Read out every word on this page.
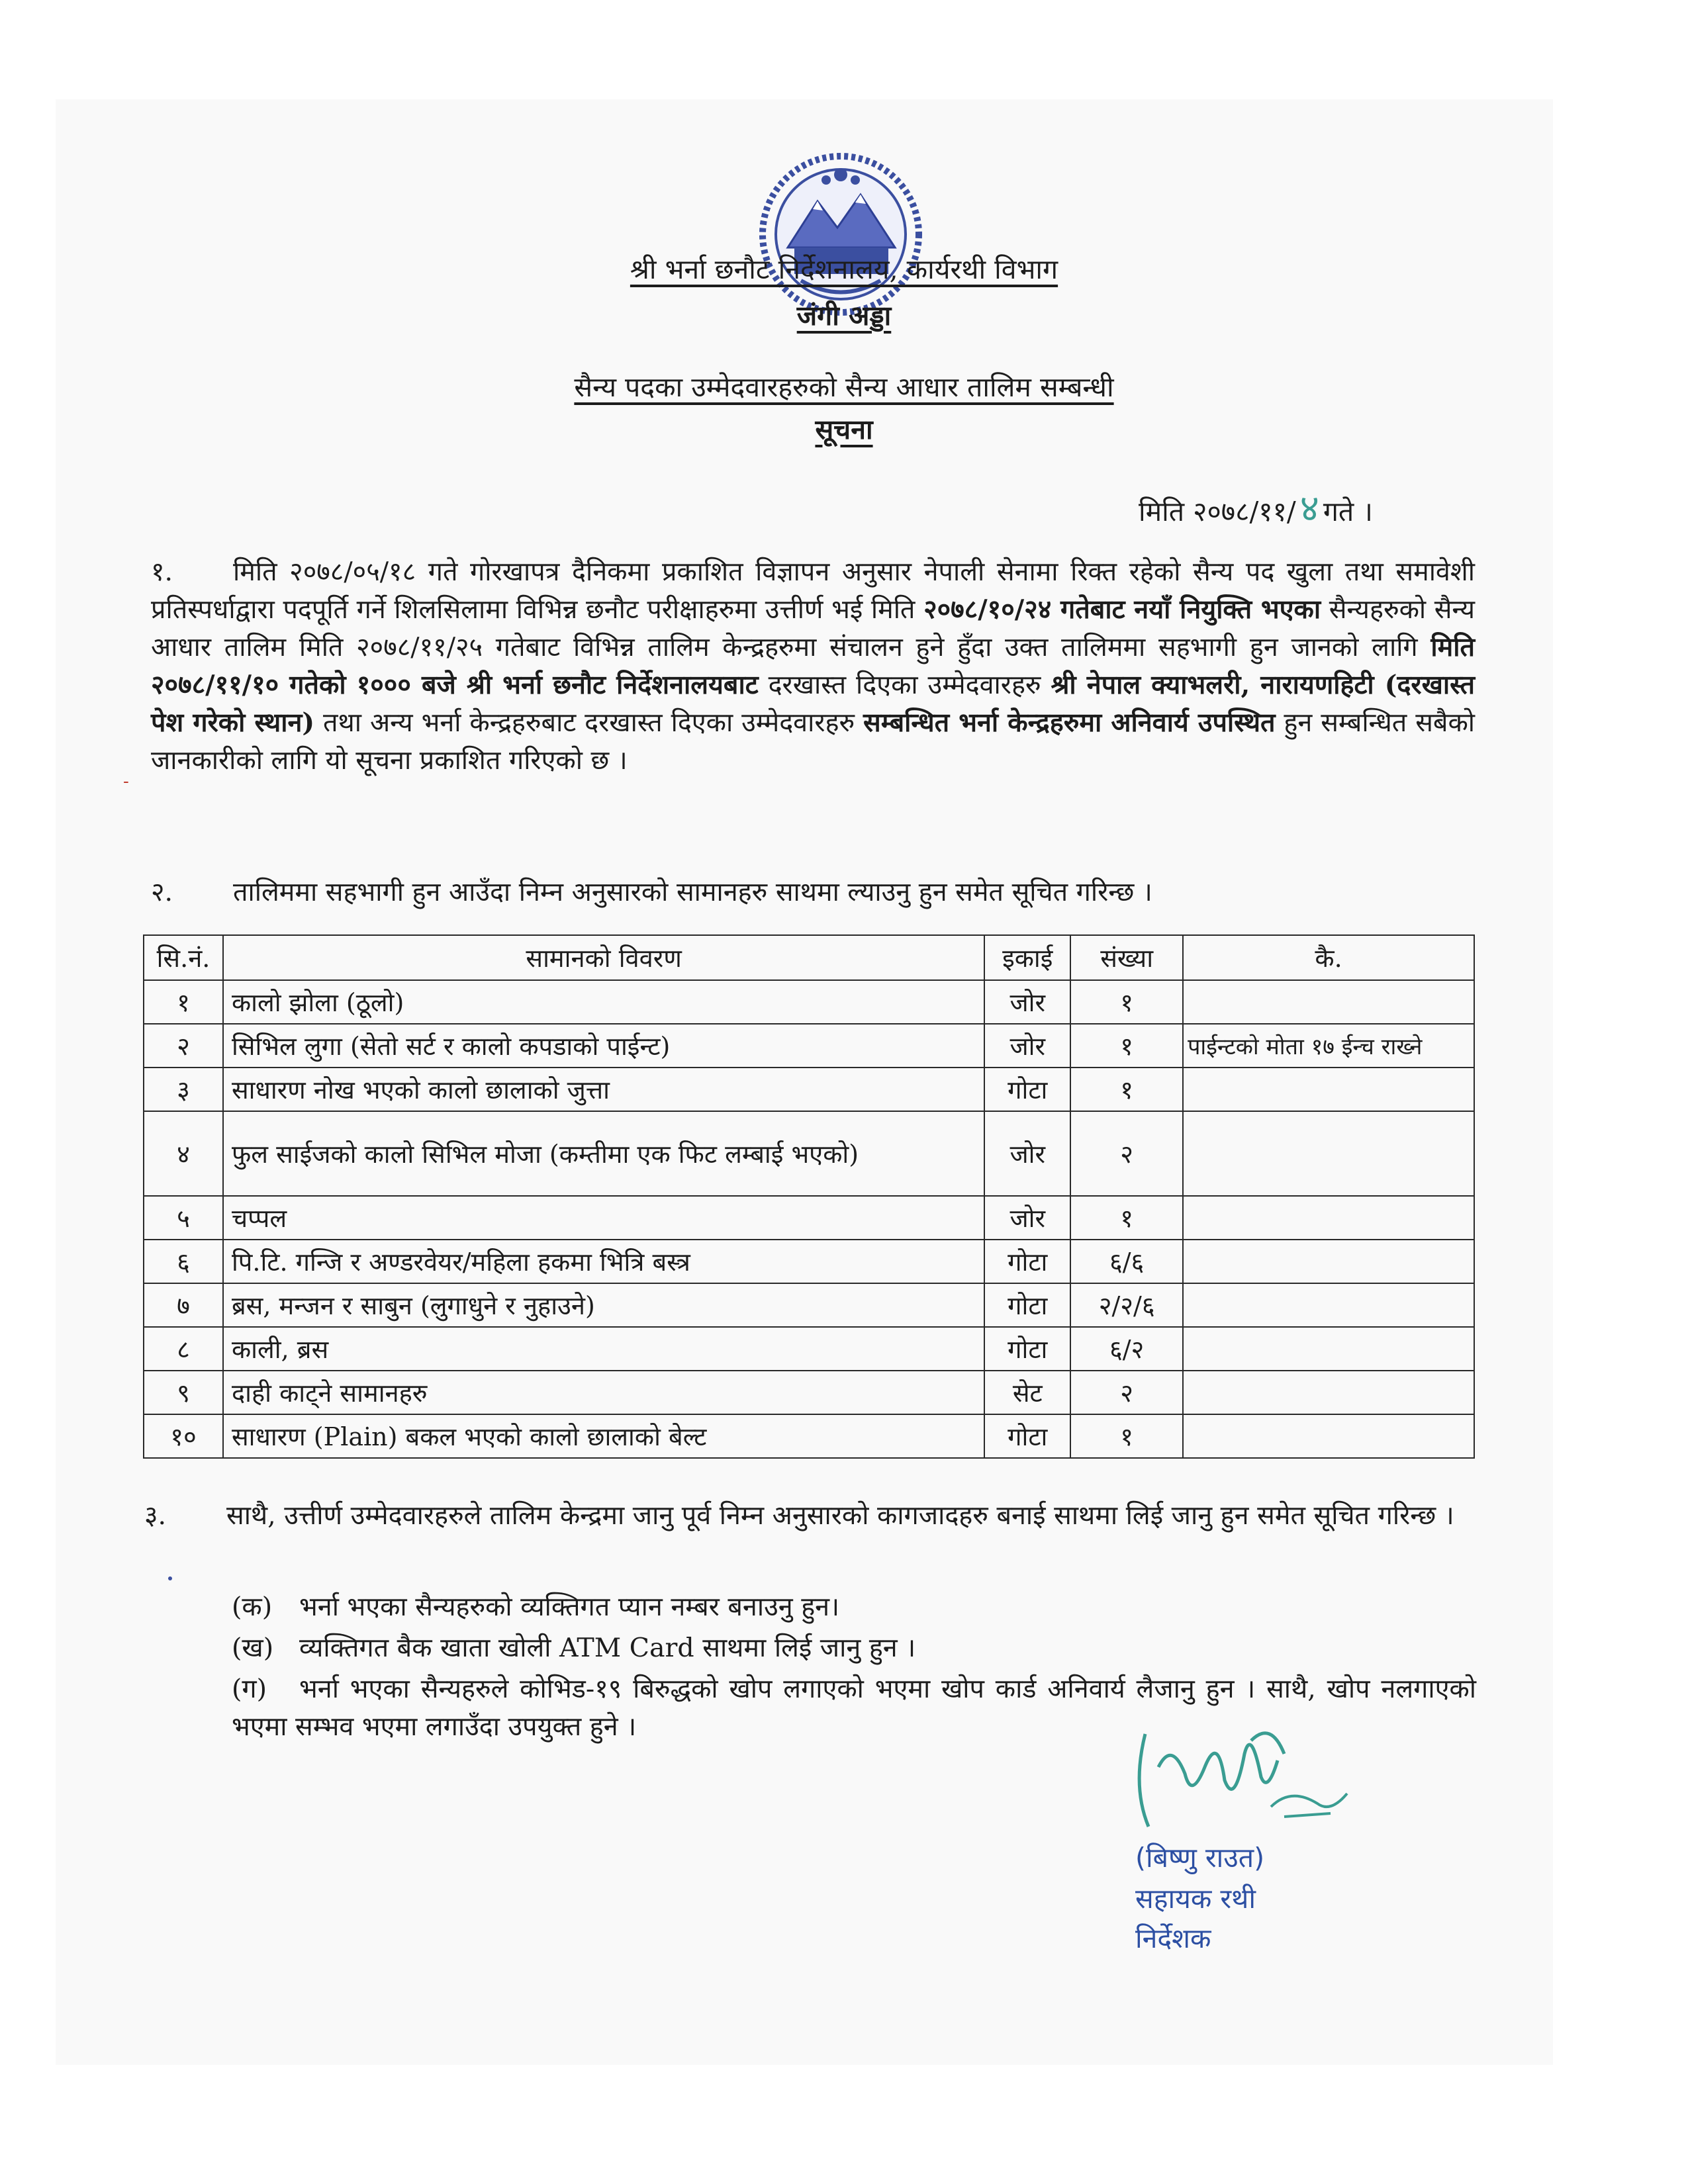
श्री भर्ना छनौट निर्देशनालय, कार्यरथी विभाग
जंगी अड्डा
सैन्य पदका उम्मेदवारहरुको सैन्य आधार तालिम सम्बन्धी
सूचना
मिति २०७८/११/ ४ गते ।
१. मिति २०७८/०५/१८ गते गोरखापत्र दैनिकमा प्रकाशित विज्ञापन अनुसार नेपाली सेनामा रिक्त रहेको सैन्य पद खुला तथा समावेशी प्रतिस्पर्धाद्वारा पदपूर्ति गर्ने शिलसिलामा विभिन्न छनौट परीक्षाहरुमा उत्तीर्ण भई मिति २०७८/१०/२४ गतेबाट नयाँ नियुक्ति भएका सैन्यहरुको सैन्य आधार तालिम मिति २०७८/११/२५ गतेबाट विभिन्न तालिम केन्द्रहरुमा संचालन हुने हुँदा उक्त तालिममा सहभागी हुन जानको लागि मिति २०७८/११/१० गतेको १००० बजे श्री भर्ना छनौट निर्देशनालयबाट दरखास्त दिएका उम्मेदवारहरु श्री नेपाल क्याभलरी, नारायणहिटी (दरखास्त पेश गरेको स्थान) तथा अन्य भर्ना केन्द्रहरुबाट दरखास्त दिएका उम्मेदवारहरु सम्बन्धित भर्ना केन्द्रहरुमा अनिवार्य उपस्थित हुन सम्बन्धित सबैको जानकारीको लागि यो सूचना प्रकाशित गरिएको छ ।
-
२. तालिममा सहभागी हुन आउँदा निम्न अनुसारको सामानहरु साथमा ल्याउनु हुन समेत सूचित गरिन्छ ।
सि.नं.	सामानको विवरण	इकाई	संख्या	कै.
१	कालो झोला (ठूलो)	जोर	१	
२	सिभिल लुगा (सेतो सर्ट र कालो कपडाको पाईन्ट)	जोर	१	पाईन्टको मोता १७ ईन्च राख्ने
३	साधारण नोख भएको कालो छालाको जुत्ता	गोटा	१	
४	फुल साईजको कालो सिभिल मोजा (कम्तीमा एक फिट लम्बाई भएको)	जोर	२	
५	चप्पल	जोर	१	
६	पि.टि. गन्जि र अण्डरवेयर/महिला हकमा भित्रि बस्त्र	गोटा	६/६	
७	ब्रस, मन्जन र साबुन (लुगाधुने र नुहाउने)	गोटा	२/२/६	
८	काली, ब्रस	गोटा	६/२	
९	दाही काट्ने सामानहरु	सेट	२	
१०	साधारण (Plain) बकल भएको कालो छालाको बेल्ट	गोटा	१	
३. साथै, उत्तीर्ण उम्मेदवारहरुले तालिम केन्द्रमा जानु पूर्व निम्न अनुसारको कागजादहरु बनाई साथमा लिई जानु हुन समेत सूचित गरिन्छ ।
(क) भर्ना भएका सैन्यहरुको व्यक्तिगत प्यान नम्बर बनाउनु हुन।
(ख) व्यक्तिगत बैक खाता खोली ATM Card साथमा लिई जानु हुन ।
(ग) भर्ना भएका सैन्यहरुले कोभिड-१९ बिरुद्धको खोप लगाएको भएमा खोप कार्ड अनिवार्य लैजानु हुन । साथै, खोप नलगाएको भएमा सम्भव भएमा लगाउँदा उपयुक्त हुने ।
(बिष्णु राउत)
सहायक रथी
निर्देशक
